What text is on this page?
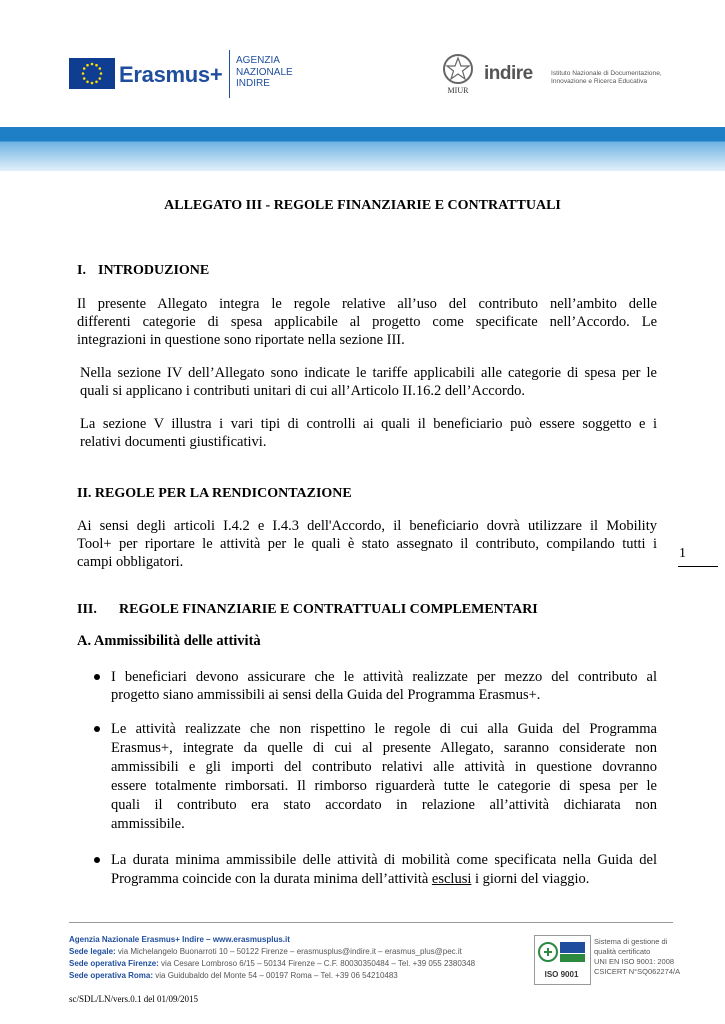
Erasmus+
AGENZIA
NAZIONALE
INDIRE
MIUR
indire	Istituto Nazionale di Documentazione,
Innovazione e Ricerca Educativa
ALLEGATO III - REGOLE FINANZIARIE E CONTRATTUALI
I. INTRODUZIONE
Il presente Allegato integra le regole relative all’uso del contributo nell’ambito delle
differenti categorie di spesa applicabile al progetto come specificate nell’Accordo. Le
integrazioni in questione sono riportate nella sezione III.
Nella sezione IV dell’Allegato sono indicate le tariffe applicabili alle categorie di spesa per le
quali si applicano i contributi unitari di cui all’Articolo II.16.2 dell’Accordo.
La sezione V illustra i vari tipi di controlli ai quali il beneficiario può essere soggetto e i
relativi documenti giustificativi.
II. REGOLE PER LA RENDICONTAZIONE
Ai sensi degli articoli I.4.2 e I.4.3 dell'Accordo, il beneficiario dovrà utilizzare il Mobility
Tool+ per riportare le attività per le quali è stato assegnato il contributo, compilando tutti i
campi obbligatori.
1
III. REGOLE FINANZIARIE E CONTRATTUALI COMPLEMENTARI
A. Ammissibilità delle attività
I beneficiari devono assicurare che le attività realizzate per mezzo del contributo al
progetto siano ammissibili ai sensi della Guida del Programma Erasmus+.
Le attività realizzate che non rispettino le regole di cui alla Guida del Programma
Erasmus+, integrate da quelle di cui al presente Allegato, saranno considerate non
ammissibili e gli importi del contributo relativi alle attività in questione dovranno
essere totalmente rimborsati. Il rimborso riguarderà tutte le categorie di spesa per le
quali il contributo era stato accordato in relazione all’attività dichiarata non
ammissibile.
La durata minima ammissibile delle attività di mobilità come specificata nella Guida del
Programma coincide con la durata minima dell’attività esclusi i giorni del viaggio.
Agenzia Nazionale Erasmus+ Indire – www.erasmusplus.it
Sede legale: via Michelangelo Buonarroti 10 – 50122 Firenze – erasmusplus@indire.it – erasmus_plus@pec.it
Sede operativa Firenze: via Cesare Lombroso 6/15 – 50134 Firenze – C.F. 80030350484 – Tel. +39 055 2380348
Sede operativa Roma: via Guidubaldo del Monte 54 – 00197 Roma – Tel. +39 06 54210483	ISO 9001
Sistema di gestione di
qualità certificato
UNI EN ISO 9001: 2008
CSICERT N°SQ062274/A
sc/SDL/LN/vers.0.1 del 01/09/2015
